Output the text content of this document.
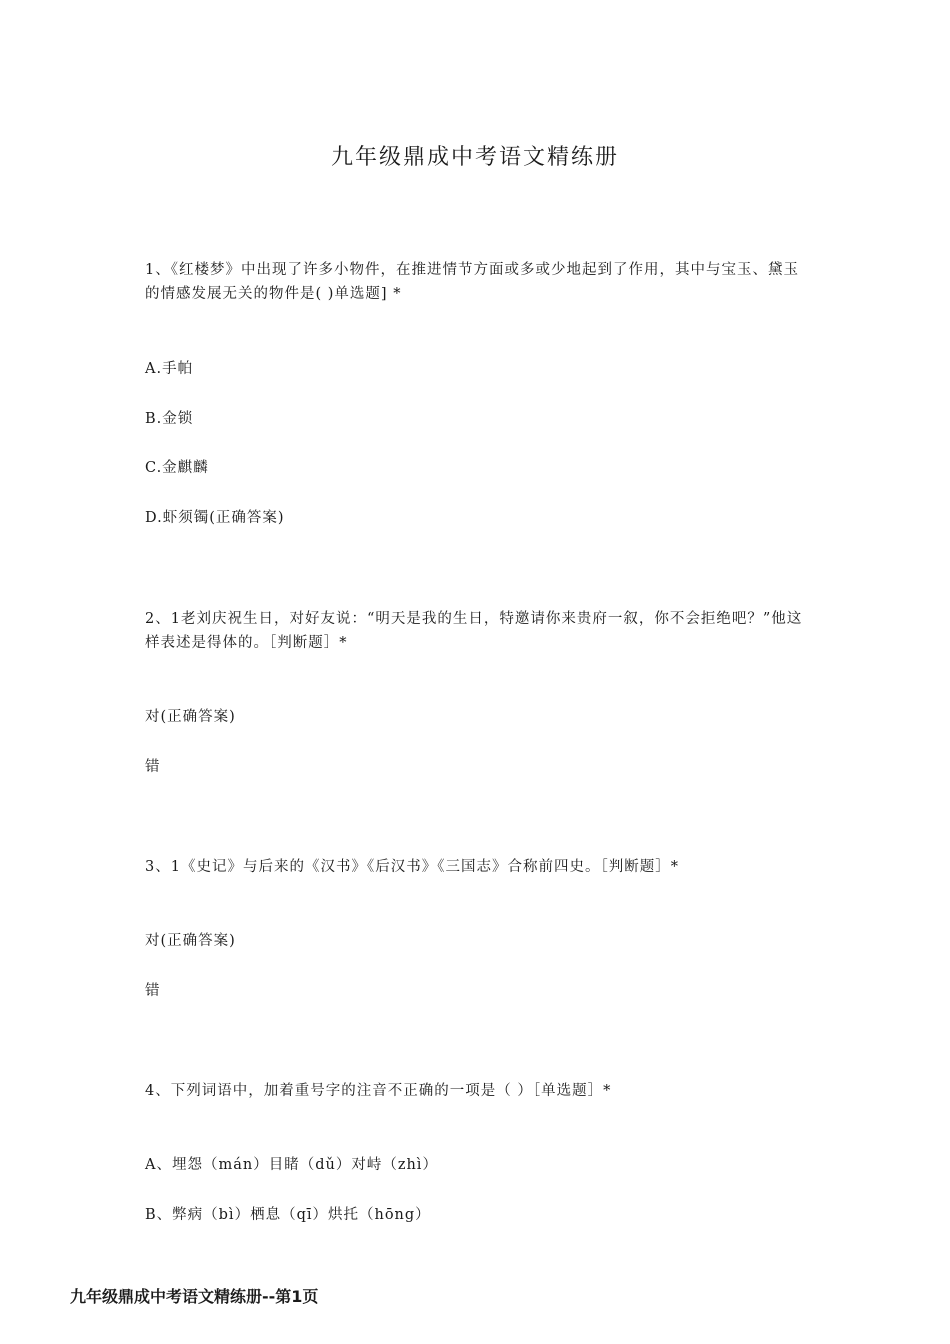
九年级鼎成中考语文精练册
1、《红楼梦》中出现了许多小物件，在推进情节方面或多或少地起到了作用，其中与宝玉、黛玉的情感发展无关的物件是( )单选题] *
A.手帕
B.金锁
C.金麒麟
D.虾须镯(正确答案)
2、1老刘庆祝生日，对好友说：“明天是我的生日，特邀请你来贵府一叙，你不会拒绝吧？”他这样表述是得体的。［判断题］*
对(正确答案)
错
3、1《史记》与后来的《汉书》《后汉书》《三国志》合称前四史。［判断题］*
对(正确答案)
错
4、下列词语中，加着重号字的注音不正确的一项是（ ）［单选题］*
A、埋怨（mán）目睹（dǔ）对峙（zhì）
B、弊病（bì）栖息（qī）烘托（hōng）
九年级鼎成中考语文精练册--第1页
